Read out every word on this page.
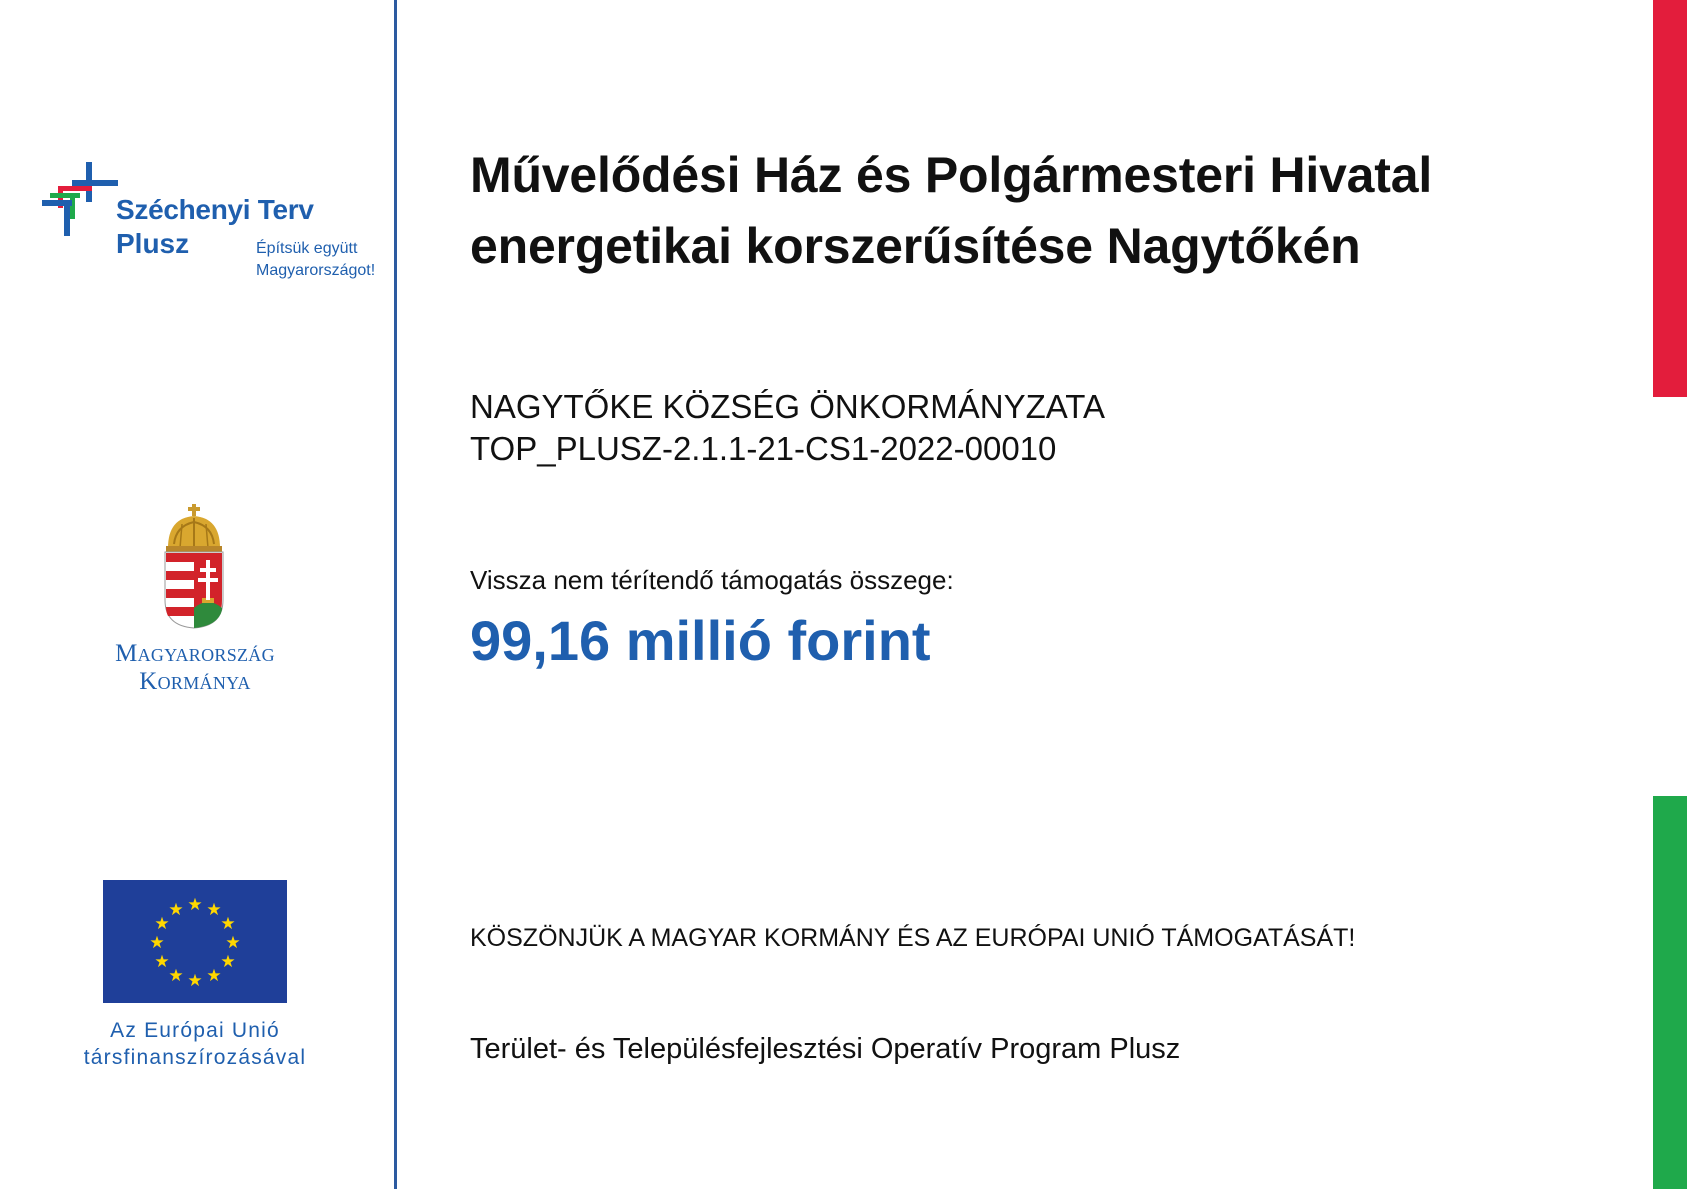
Széchenyi Terv
Plusz	Építsük együtt
Magyarországot!
Magyarország
Kormánya
★ ★
★
★
★
★
★
★
★
★
★
★
Az Európai Unió
társfinanszírozásával
Művelődési Ház és Polgármesteri Hivatal
energetikai korszerűsítése Nagytőkén
NAGYTŐKE KÖZSÉG ÖNKORMÁNYZATA
TOP_PLUSZ-2.1.1-21-CS1-2022-00010
Vissza nem térítendő támogatás összege:
99,16 millió forint
KÖSZÖNJÜK A MAGYAR KORMÁNY ÉS AZ EURÓPAI UNIÓ TÁMOGATÁSÁT!
Terület- és Településfejlesztési Operatív Program Plusz
